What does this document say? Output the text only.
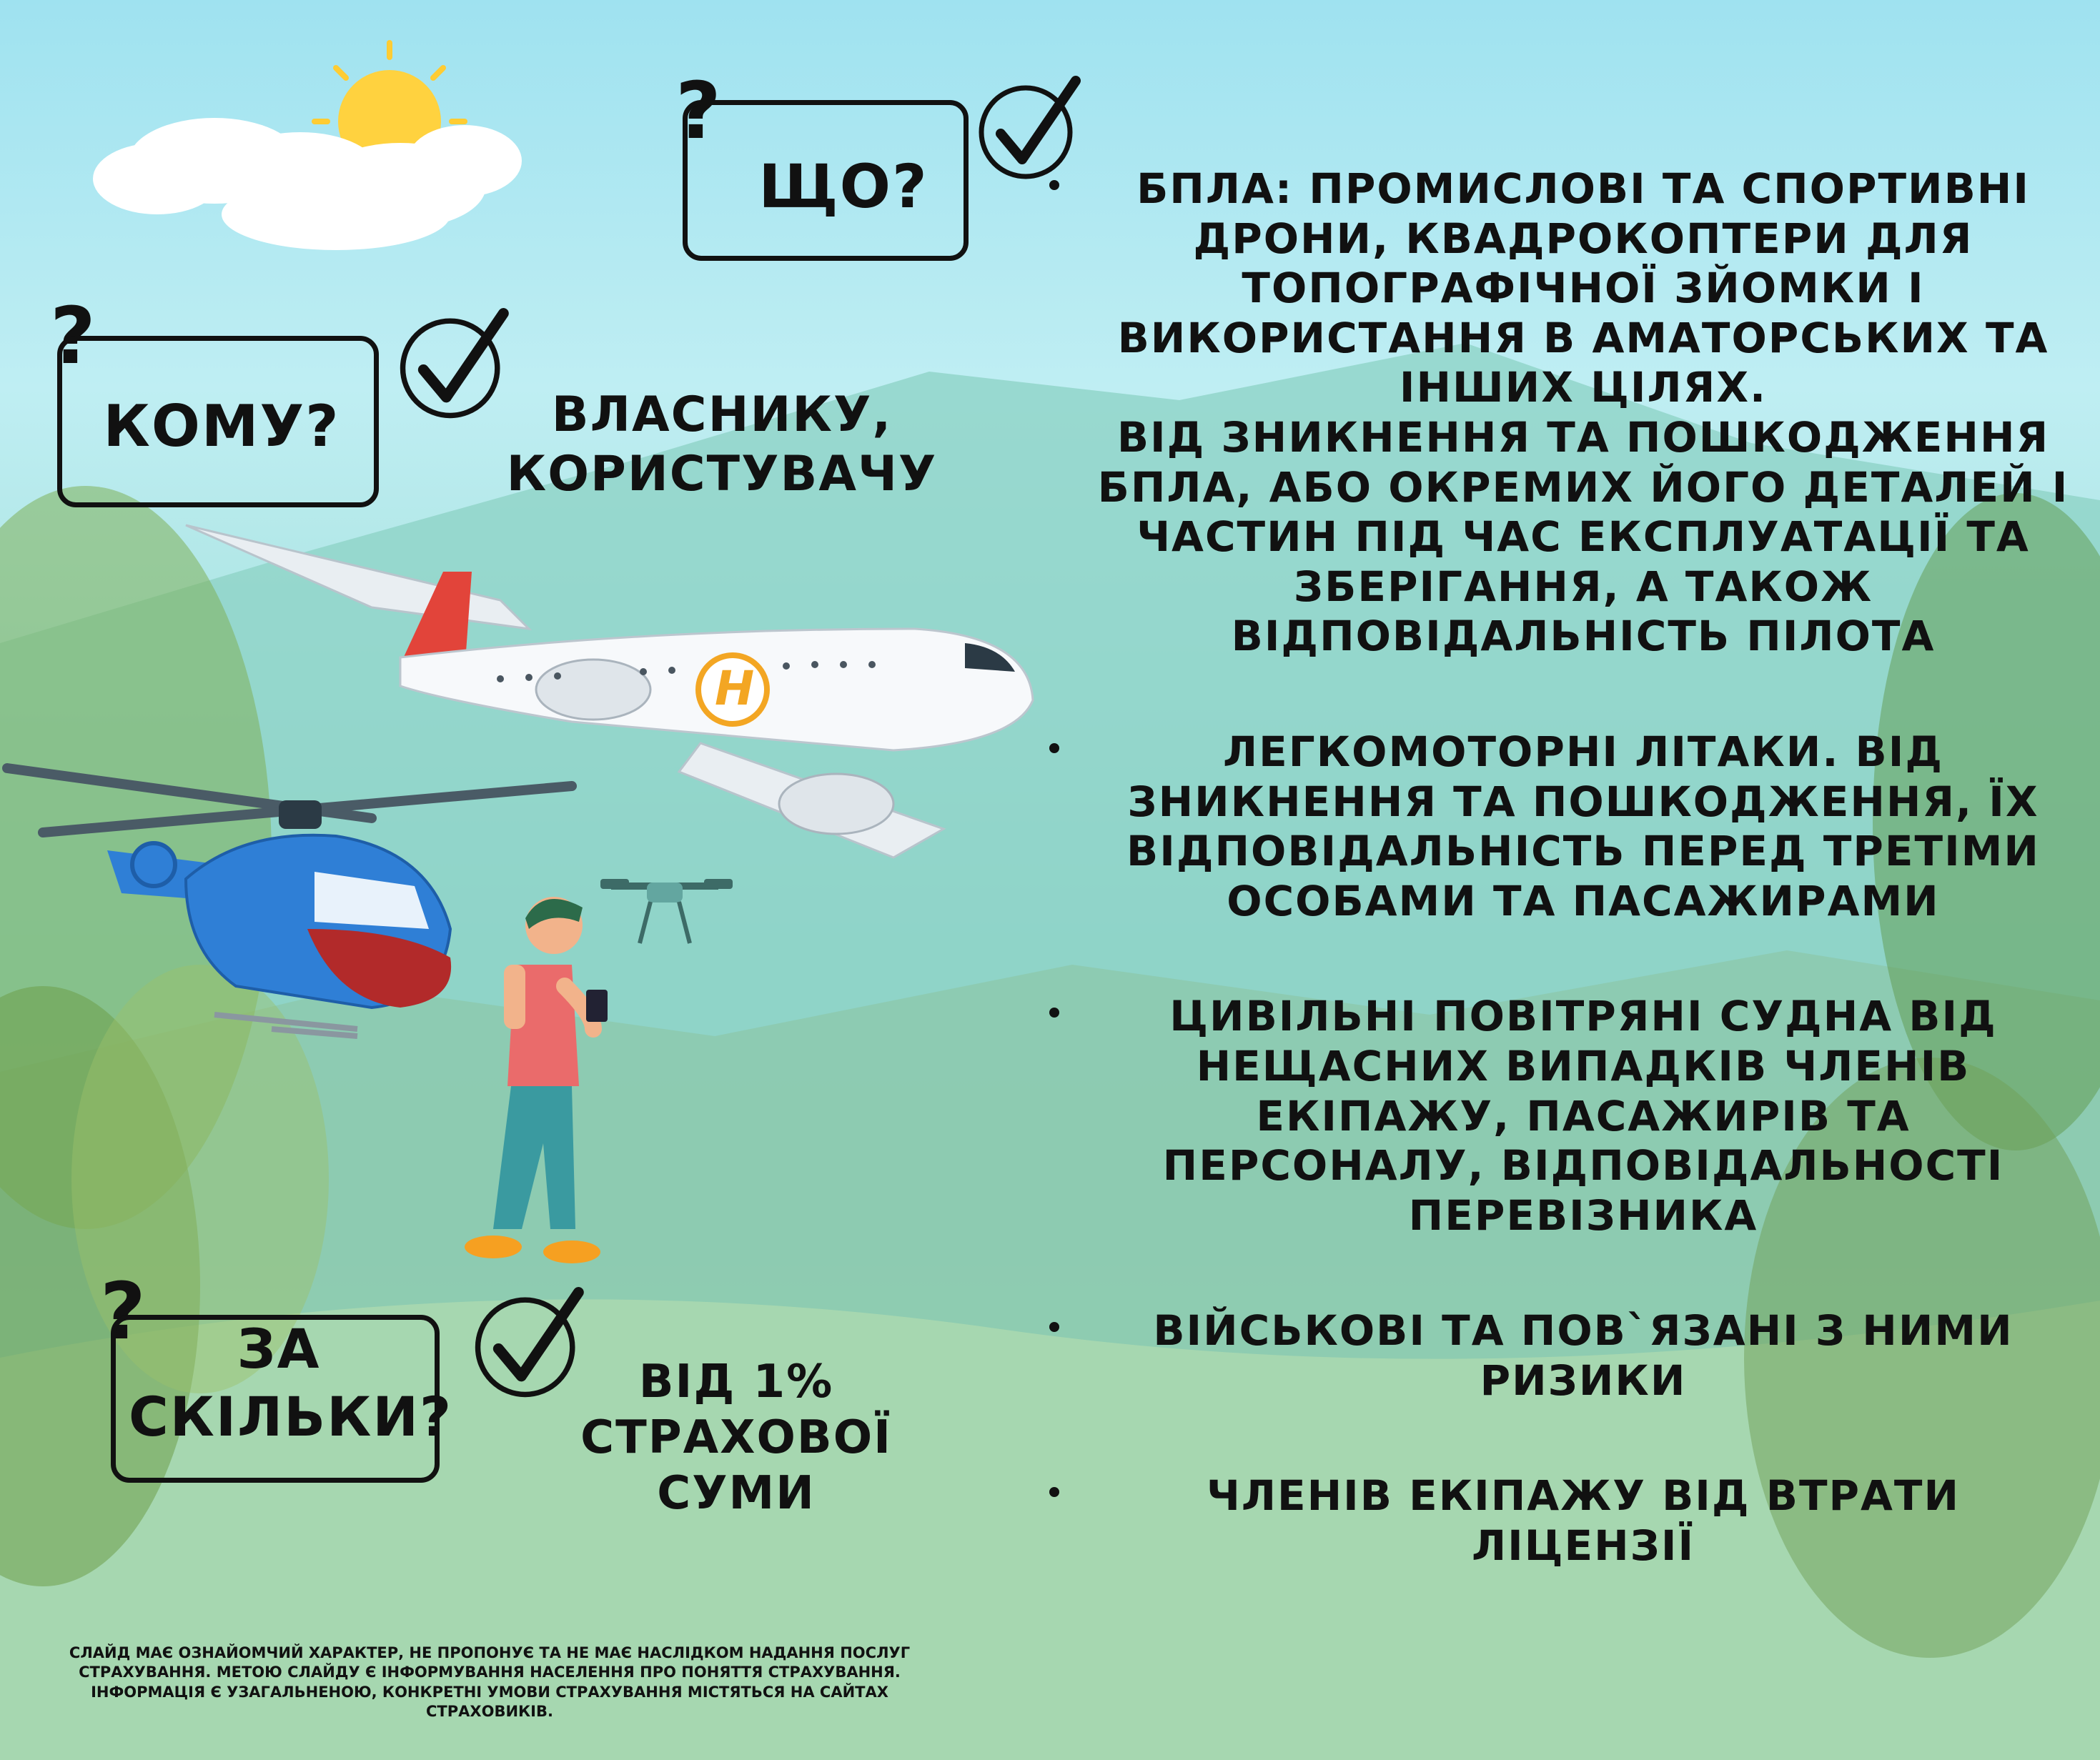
?
ЩО?
?
КОМУ?	ВЛАСНИКУ,
КОРИСТУВАЧУ
?	ЗА
СКІЛЬКИ?
ВІД 1%
СТРАХОВОЇ СУМИ
H
БПЛА: ПРОМИСЛОВІ ТА СПОРТИВНІ
ДРОНИ, КВАДРОКОПТЕРИ ДЛЯ
ТОПОГРАФІЧНОЇ ЗЙОМКИ І
ВИКОРИСТАННЯ В АМАТОРСЬКИХ ТА
ІНШИХ ЦІЛЯХ.
ВІД ЗНИКНЕННЯ ТА ПОШКОДЖЕННЯ
БПЛА, АБО ОКРЕМИХ ЙОГО ДЕТАЛЕЙ І
ЧАСТИН ПІД ЧАС ЕКСПЛУАТАЦІЇ ТА
ЗБЕРІГАННЯ, А ТАКОЖ
ВІДПОВІДАЛЬНІСТЬ ПІЛОТА
ЛЕГКОМОТОРНІ ЛІТАКИ. ВІД
ЗНИКНЕННЯ ТА ПОШКОДЖЕННЯ, ЇХ
ВІДПОВІДАЛЬНІСТЬ ПЕРЕД ТРЕТІМИ
ОСОБАМИ ТА ПАСАЖИРАМИ
ЦИВІЛЬНІ ПОВІТРЯНІ СУДНА ВІД
НЕЩАСНИХ ВИПАДКІВ ЧЛЕНІВ
ЕКІПАЖУ, ПАСАЖИРІВ ТА
ПЕРСОНАЛУ, ВІДПОВІДАЛЬНОСТІ
ПЕРЕВІЗНИКА
ВІЙСЬКОВІ ТА ПОВ`ЯЗАНІ З НИМИ
РИЗИКИ
ЧЛЕНІВ ЕКІПАЖУ ВІД ВТРАТИ
ЛІЦЕНЗІЇ
СЛАЙД МАЄ ОЗНАЙОМЧИЙ ХАРАКТЕР, НЕ ПРОПОНУЄ ТА НЕ МАЄ НАСЛІДКОМ НАДАННЯ ПОСЛУГ СТРАХУВАННЯ. МЕТОЮ СЛАЙДУ Є ІНФОРМУВАННЯ НАСЕЛЕННЯ ПРО ПОНЯТТЯ СТРАХУВАННЯ. ІНФОРМАЦІЯ Є УЗАГАЛЬНЕНОЮ, КОНКРЕТНІ УМОВИ СТРАХУВАННЯ МІСТЯТЬСЯ НА САЙТАХ СТРАХОВИКІВ.
